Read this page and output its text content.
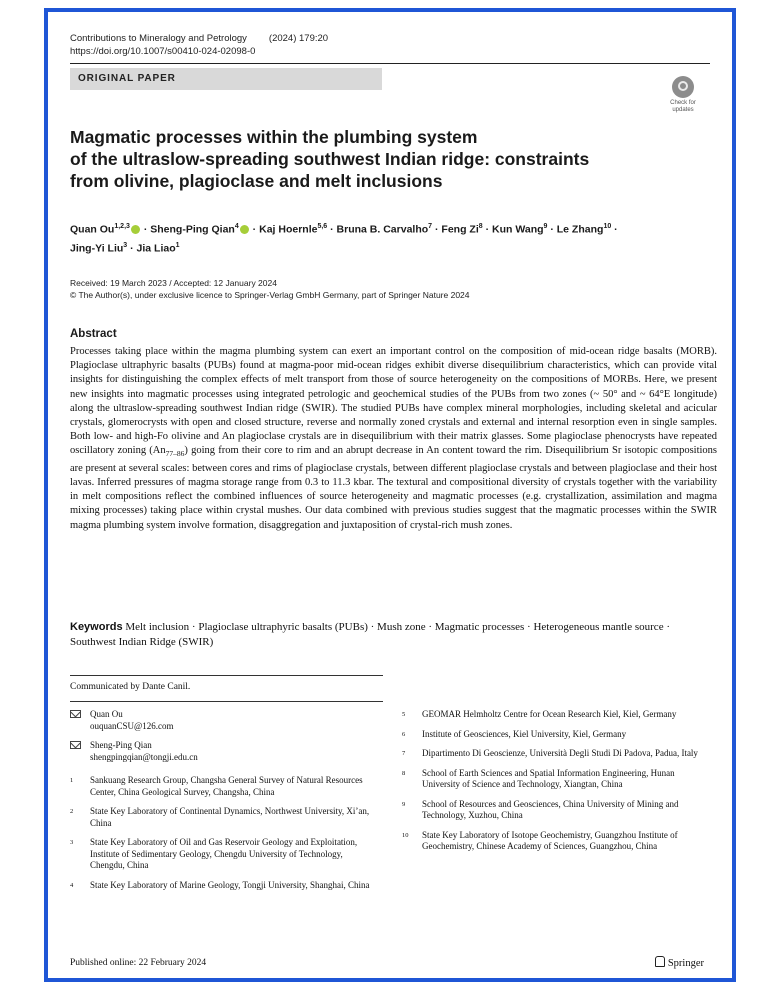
Contributions to Mineralogy and Petrology (2024) 179:20
https://doi.org/10.1007/s00410-024-02098-0
ORIGINAL PAPER
Check for
updates
Magmatic processes within the plumbing system
of the ultraslow-spreading southwest Indian ridge: constraints
from olivine, plagioclase and melt inclusions
Quan Ou$^{1,2,3}$ · Sheng-Ping Qian$^4$ · Kaj Hoernle$^{5,6}$ · Bruna B. Carvalho$^7$ · Feng $Zi^8$ · Kun Wang$^9$ · Le Zhang$^{10}$ ·
Jing-Yi Liu$^3$ · Jia Liao$^1$
Received: 19 March 2023 / Accepted: 12 January 2024
© The Author(s), under exclusive licence to Springer-Verlag GmbH Germany, part of Springer Nature 2024
Abstract
Processes taking place within the magma plumbing system can exert an important control on the composition of mid-ocean ridge basalts (MORB). Plagioclase ultraphyric basalts (PUBs) found at magma-poor mid-ocean ridges exhibit diverse disequilibrium characteristics, which can provide vital insights for distinguishing the complex effects of melt transport from those of source heterogeneity on the compositions of MORBs. Here, we present new insights into magmatic processes using integrated petrologic and geochemical studies of the PUBs from two zones (~ 50° and ~ 64°E longitude) along the ultraslow-spreading southwest Indian ridge (SWIR). The studied PUBs have complex mineral morphologies, including skeletal and acicular crystals, glomerocrysts with open and closed structure, reverse and normally zoned crystals and external and internal resorption even in single samples. Both low- and high-Fo olivine and An plagioclase crystals are in disequilibrium with their matrix glasses. Some plagioclase phenocrysts have repeated oscillatory zoning $(An_{77-86})$ going from their core to rim and an abrupt decrease in An content toward the rim. Disequilibrium Sr isotopic compositions are present at several scales: between cores and rims of plagioclase crystals, between different plagioclase crystals and between plagioclase and their host lavas. Inferred pressures of magma storage range from 0.3 to 11.3 kbar. The textural and compositional diversity of crystals together with the variability in melt compositions reflect the combined influences of source heterogeneity and magmatic processes (e.g. crystallization, assimilation and magma mixing processes) taking place within crystal mushes. Our data combined with previous studies suggest that the magmatic processes within the SWIR magma plumbing system involve formation, disaggregation and juxtaposition of crystal-rich mush zones.
Keywords Melt inclusion · Plagioclase ultraphyric basalts (PUBs) · Mush zone · Magmatic processes · Heterogeneous mantle source · Southwest Indian Ridge (SWIR)
Communicated by Dante Canil.
Quan Ou
ouquanCSU@126.com
Sheng-Ping Qian
shengpingqian@tongji.edu.cn
1 Sankuang Research Group, Changsha General Survey of Natural Resources Center, China Geological Survey, Changsha, China
2 State Key Laboratory of Continental Dynamics, Northwest University, Xi’an, China
3 State Key Laboratory of Oil and Gas Reservoir Geology and Exploitation, Institute of Sedimentary Geology, Chengdu University of Technology, Chengdu, China
4 State Key Laboratory of Marine Geology, Tongji University, Shanghai, China
5 GEOMAR Helmholtz Centre for Ocean Research Kiel, Kiel, Germany
6 Institute of Geosciences, Kiel University, Kiel, Germany
7 Dipartimento Di Geoscienze, Università Degli Studi Di Padova, Padua, Italy
8 School of Earth Sciences and Spatial Information Engineering, Hunan University of Science and Technology, Xiangtan, China
9 School of Resources and Geosciences, China University of Mining and Technology, Xuzhou, China
10 State Key Laboratory of Isotope Geochemistry, Guangzhou Institute of Geochemistry, Chinese Academy of Sciences, Guangzhou, China
Published online: 22 February 2024	Springer
